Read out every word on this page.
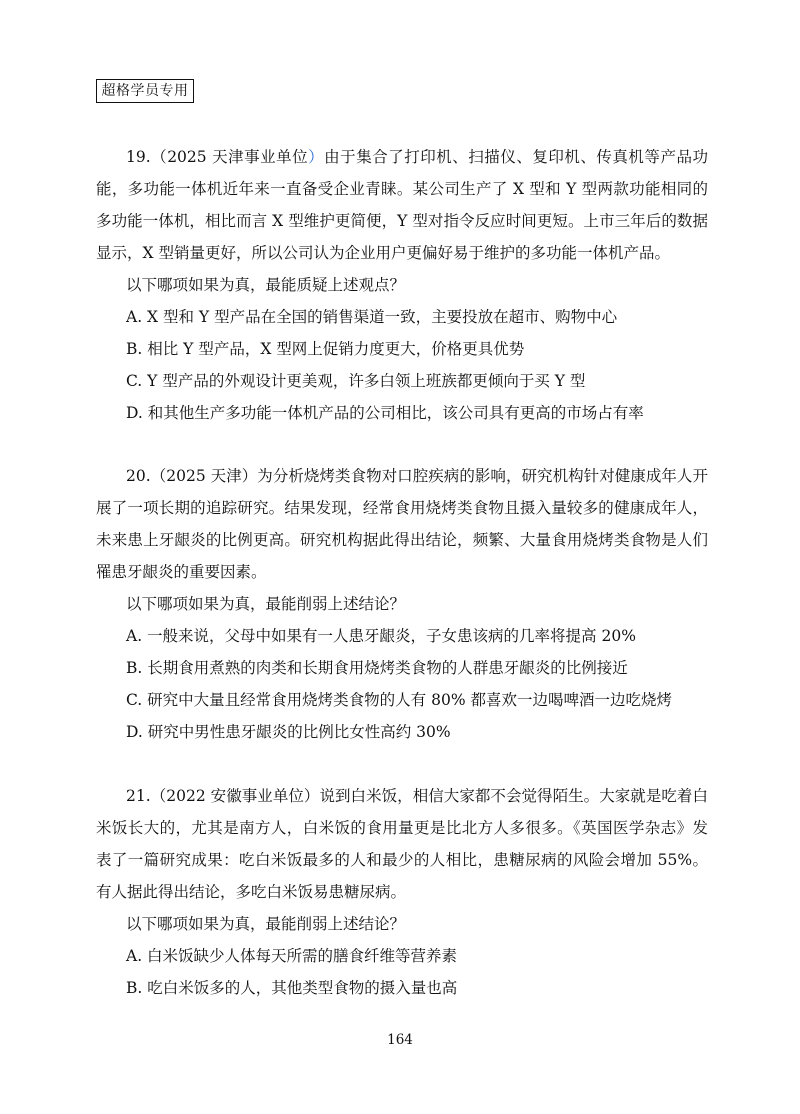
超格学员专用

19.（2025 天津事业单位）由于集合了打印机、扫描仪、复印机、传真机等产品功能，多功能一体机近年来一直备受企业青睐。某公司生产了 X 型和 Y 型两款功能相同的多功能一体机，相比而言 X 型维护更简便，Y 型对指令反应时间更短。上市三年后的数据显示，X 型销量更好，所以公司认为企业用户更偏好易于维护的多功能一体机产品。

以下哪项如果为真，最能质疑上述观点？

A. X 型和 Y 型产品在全国的销售渠道一致，主要投放在超市、购物中心

B. 相比 Y 型产品，X 型网上促销力度更大，价格更具优势

C. Y 型产品的外观设计更美观，许多白领上班族都更倾向于买 Y 型

D. 和其他生产多功能一体机产品的公司相比，该公司具有更高的市场占有率

20.（2025 天津）为分析烧烤类食物对口腔疾病的影响，研究机构针对健康成年人开展了一项长期的追踪研究。结果发现，经常食用烧烤类食物且摄入量较多的健康成年人，未来患上牙龈炎的比例更高。研究机构据此得出结论，频繁、大量食用烧烤类食物是人们罹患牙龈炎的重要因素。

以下哪项如果为真，最能削弱上述结论？

A. 一般来说，父母中如果有一人患牙龈炎，子女患该病的几率将提高 20%

B. 长期食用煮熟的肉类和长期食用烧烤类食物的人群患牙龈炎的比例接近

C. 研究中大量且经常食用烧烤类食物的人有 80% 都喜欢一边喝啤酒一边吃烧烤

D. 研究中男性患牙龈炎的比例比女性高约 30%

21.（2022 安徽事业单位）说到白米饭，相信大家都不会觉得陌生。大家就是吃着白米饭长大的，尤其是南方人，白米饭的食用量更是比北方人多很多。《英国医学杂志》发表了一篇研究成果：吃白米饭最多的人和最少的人相比，患糖尿病的风险会增加 55%。有人据此得出结论，多吃白米饭易患糖尿病。

以下哪项如果为真，最能削弱上述结论？

A. 白米饭缺少人体每天所需的膳食纤维等营养素

B. 吃白米饭多的人，其他类型食物的摄入量也高

164
